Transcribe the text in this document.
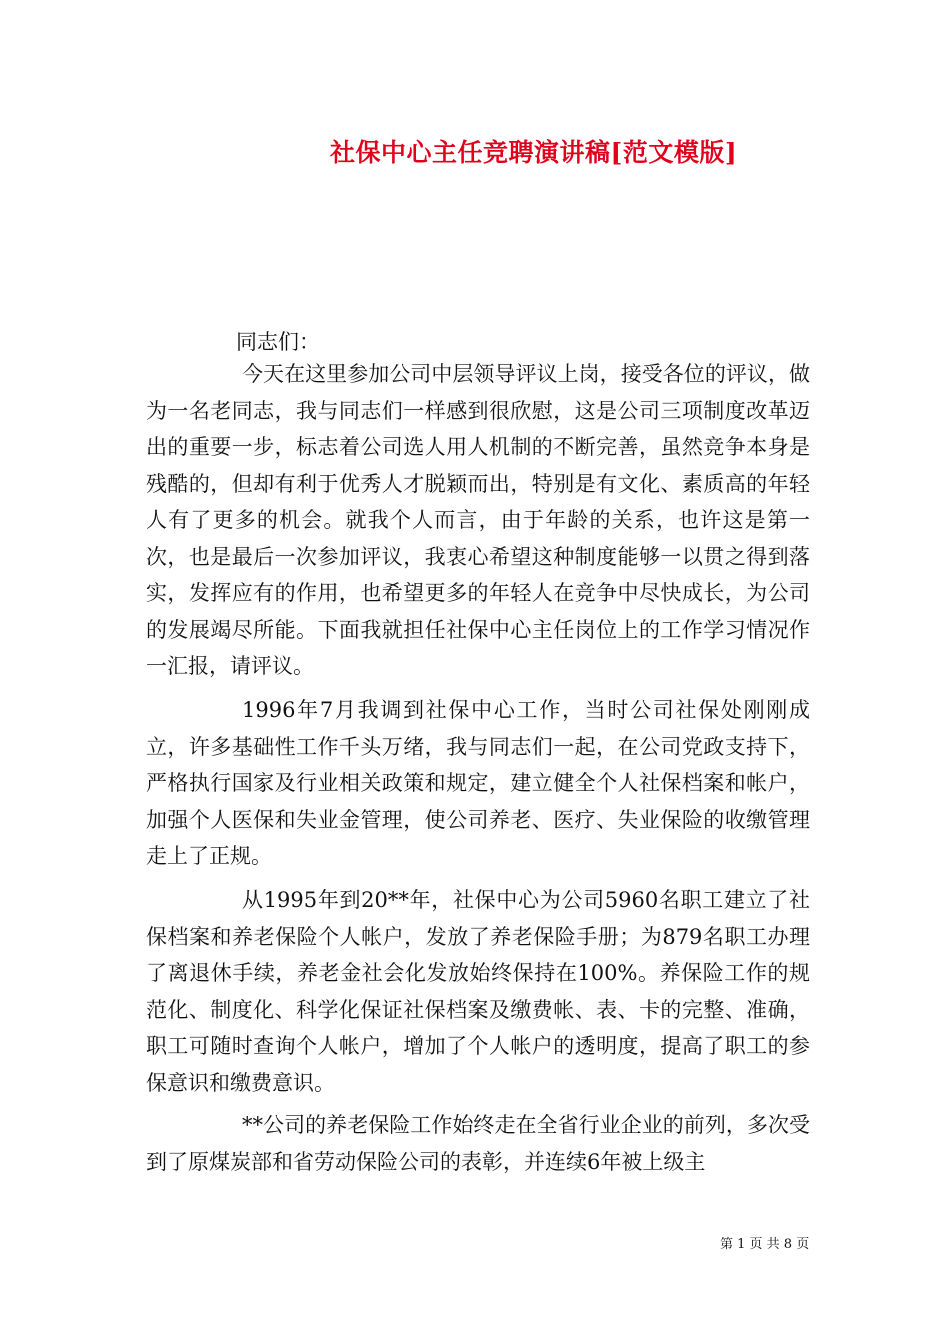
社保中心主任竞聘演讲稿[范文模版]
同志们：

今天在这里参加公司中层领导评议上岗，接受各位的评议，做为一名老同志，我与同志们一样感到很欣慰，这是公司三项制度改革迈出的重要一步，标志着公司选人用人机制的不断完善，虽然竞争本身是残酷的，但却有利于优秀人才脱颖而出，特别是有文化、素质高的年轻人有了更多的机会。就我个人而言，由于年龄的关系，也许这是第一次，也是最后一次参加评议，我衷心希望这种制度能够一以贯之得到落实，发挥应有的作用，也希望更多的年轻人在竞争中尽快成长，为公司的发展竭尽所能。下面我就担任社保中心主任岗位上的工作学习情况作一汇报，请评议。

1996年7月我调到社保中心工作，当时公司社保处刚刚成立，许多基础性工作千头万绪，我与同志们一起，在公司党政支持下，严格执行国家及行业相关政策和规定，建立健全个人社保档案和帐户，加强个人医保和失业金管理，使公司养老、医疗、失业保险的收缴管理走上了正规。

从1995年到20**年，社保中心为公司5960名职工建立了社保档案和养老保险个人帐户，发放了养老保险手册；为879名职工办理了离退休手续，养老金社会化发放始终保持在100%。养保险工作的规范化、制度化、科学化保证社保档案及缴费帐、表、卡的完整、准确，职工可随时查询个人帐户，增加了个人帐户的透明度，提高了职工的参保意识和缴费意识。

**公司的养老保险工作始终走在全省行业企业的前列，多次受到了原煤炭部和省劳动保险公司的表彰，并连续6年被上级主

第 1 页 共 8 页
